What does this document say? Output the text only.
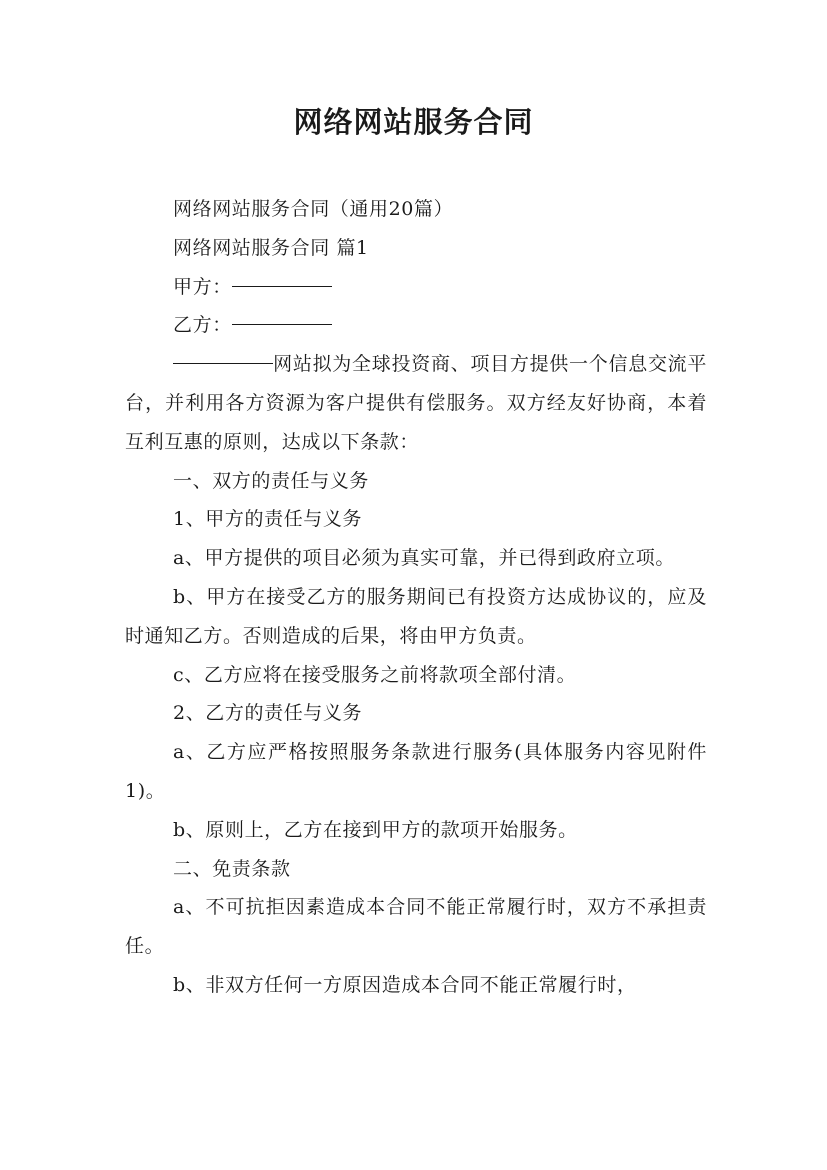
网络网站服务合同

网络网站服务合同（通用20篇）

网络网站服务合同 篇1

甲方：

乙方：

网站拟为全球投资商、项目方提供一个信息交流平台，并利用各方资源为客户提供有偿服务。双方经友好协商，本着互利互惠的原则，达成以下条款：

一、双方的责任与义务

1、甲方的责任与义务

a、甲方提供的项目必须为真实可靠，并已得到政府立项。

b、甲方在接受乙方的服务期间已有投资方达成协议的，应及时通知乙方。否则造成的后果，将由甲方负责。

c、乙方应将在接受服务之前将款项全部付清。

2、乙方的责任与义务

a、乙方应严格按照服务条款进行服务(具体服务内容见附件1)。

b、原则上，乙方在接到甲方的款项开始服务。

二、免责条款

a、不可抗拒因素造成本合同不能正常履行时，双方不承担责任。

b、非双方任何一方原因造成本合同不能正常履行时，
